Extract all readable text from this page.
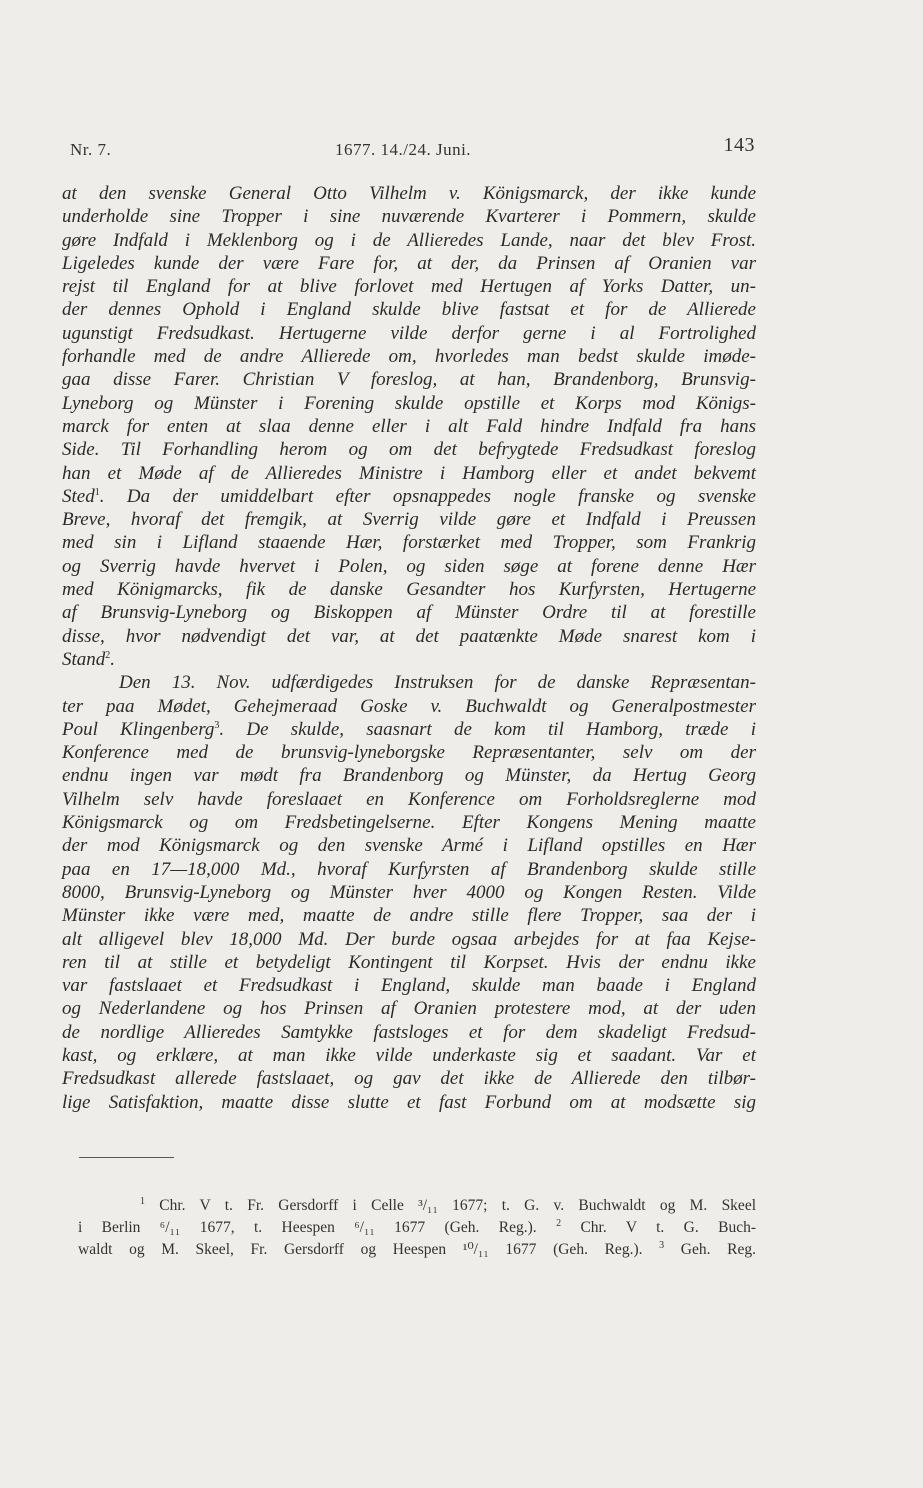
Nr. 7.	1677. 14./24. Juni.	143
at den svenske General Otto Vilhelm v. Königsmarck, der ikke kunde
underholde sine Tropper i sine nuværende Kvarterer i Pommern, skulde
gøre Indfald i Meklenborg og i de Allieredes Lande, naar det blev Frost.
Ligeledes kunde der være Fare for, at der, da Prinsen af Oranien var
rejst til England for at blive forlovet med Hertugen af Yorks Datter, un-
der dennes Ophold i England skulde blive fastsat et for de Allierede
ugunstigt Fredsudkast. Hertugerne vilde derfor gerne i al Fortrolighed
forhandle med de andre Allierede om, hvorledes man bedst skulde imøde-
gaa disse Farer. Christian V foreslog, at han, Brandenborg, Brunsvig-
Lyneborg og Münster i Forening skulde opstille et Korps mod Königs-
marck for enten at slaa denne eller i alt Fald hindre Indfald fra hans
Side. Til Forhandling herom og om det befrygtede Fredsudkast foreslog
han et Møde af de Allieredes Ministre i Hamborg eller et andet bekvemt
Sted$^1$. Da der umiddelbart efter opsnappedes nogle franske og svenske
Breve, hvoraf det fremgik, at Sverrig vilde gøre et Indfald i Preussen
med sin i Lifland staaende Hær, forstærket med Tropper, som Frankrig
og Sverrig havde hvervet i Polen, og siden søge at forene denne Hær
med Königmarcks, fik de danske Gesandter hos Kurfyrsten, Hertugerne
af Brunsvig-Lyneborg og Biskoppen af Münster Ordre til at forestille
disse, hvor nødvendigt det var, at det paatænkte Møde snarest kom i
Stand$^2$.
Den 13. Nov. udfærdigedes Instruksen for de danske Repræsentan-
ter paa Mødet, Gehejmeraad Goske v. Buchwaldt og Generalpostmester
Poul Klingenberg$^3$. De skulde, saasnart de kom til Hamborg, træde i
Konference med de brunsvig-lyneborgske Repræsentanter, selv om der
endnu ingen var mødt fra Brandenborg og Münster, da Hertug Georg
Vilhelm selv havde foreslaaet en Konference om Forholdsreglerne mod
Königsmarck og om Fredsbetingelserne. Efter Kongens Mening maatte
der mod Königsmarck og den svenske Armé i Lifland opstilles en Hær
paa en 17—18,000 Md., hvoraf Kurfyrsten af Brandenborg skulde stille
8000, Brunsvig-Lyneborg og Münster hver 4000 og Kongen Resten. Vilde
Münster ikke være med, maatte de andre stille flere Tropper, saa der i
alt alligevel blev 18,000 Md. Der burde ogsaa arbejdes for at faa Kejse-
ren til at stille et betydeligt Kontingent til Korpset. Hvis der endnu ikke
var fastslaaet et Fredsudkast i England, skulde man baade i England
og Nederlandene og hos Prinsen af Oranien protestere mod, at der uden
de nordlige Allieredes Samtykke fastsloges et for dem skadeligt Fredsud-
kast, og erklære, at man ikke vilde underkaste sig et saadant. Var et
Fredsudkast allerede fastslaaet, og gav det ikke de Allierede den tilbør-
lige Satisfaktion, maatte disse slutte et fast Forbund om at modsætte sig
$^1$ Chr. V t. Fr. Gersdorff i Celle ³/₁₁ 1677; t. G. v. Buchwaldt og M. Skeel
i Berlin ⁶/₁₁ 1677, t. Heespen ⁶/₁₁ 1677 (Geh. Reg.). $^2$ Chr. V t. G. Buch-
waldt og M. Skeel, Fr. Gersdorff og Heespen ¹⁰/₁₁ 1677 (Geh. Reg.). $^3$ Geh. Reg.
